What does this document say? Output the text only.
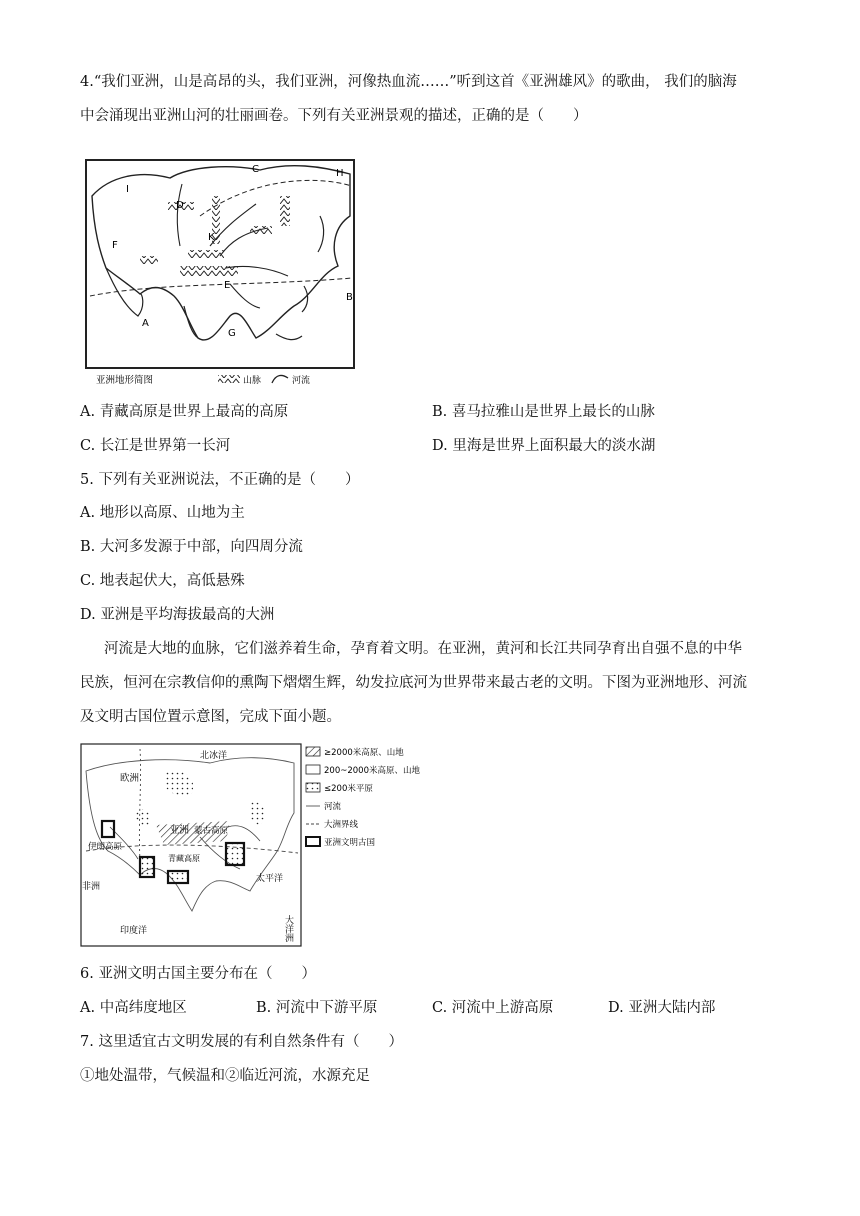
4.“我们亚洲，山是高昂的头，我们亚洲，河像热血流……”听到这首《亚洲雄风》的歌曲， 我们的脑海
中会涌现出亚洲山河的壮丽画卷。下列有关亚洲景观的描述，正确的是（　　）
I
D
C	H
K
F
E
B
A
G
亚洲地形简图	山脉	河流
A. 青藏高原是世界上最高的高原	B. 喜马拉雅山是世界上最长的山脉
C. 长江是世界第一长河	D. 里海是世界上面积最大的淡水湖
5. 下列有关亚洲说法，不正确的是（　　）
A. 地形以高原、山地为主
B. 大河多发源于中部，向四周分流
C. 地表起伏大，高低悬殊
D. 亚洲是平均海拔最高的大洲
河流是大地的血脉，它们滋养着生命，孕育着文明。在亚洲，黄河和长江共同孕育出自强不息的中华
民族，恒河在宗教信仰的熏陶下熠熠生辉，幼发拉底河为世界带来最古老的文明。下图为亚洲地形、河流
及文明古国位置示意图，完成下面小题。
北冰洋
欧洲
亚洲 蒙古高原
伊朗高原
青藏高原
非洲
太平洋
印度洋	大洋洲
≥2000米高原、山地
200~2000米高原、山地
≤200米平原
河流
大洲界线
亚洲文明古国
6. 亚洲文明古国主要分布在（　　）
A. 中高纬度地区	B. 河流中下游平原	C. 河流中上游高原	D. 亚洲大陆内部
7. 这里适宜古文明发展的有利自然条件有（　　）
①地处温带，气候温和②临近河流，水源充足
